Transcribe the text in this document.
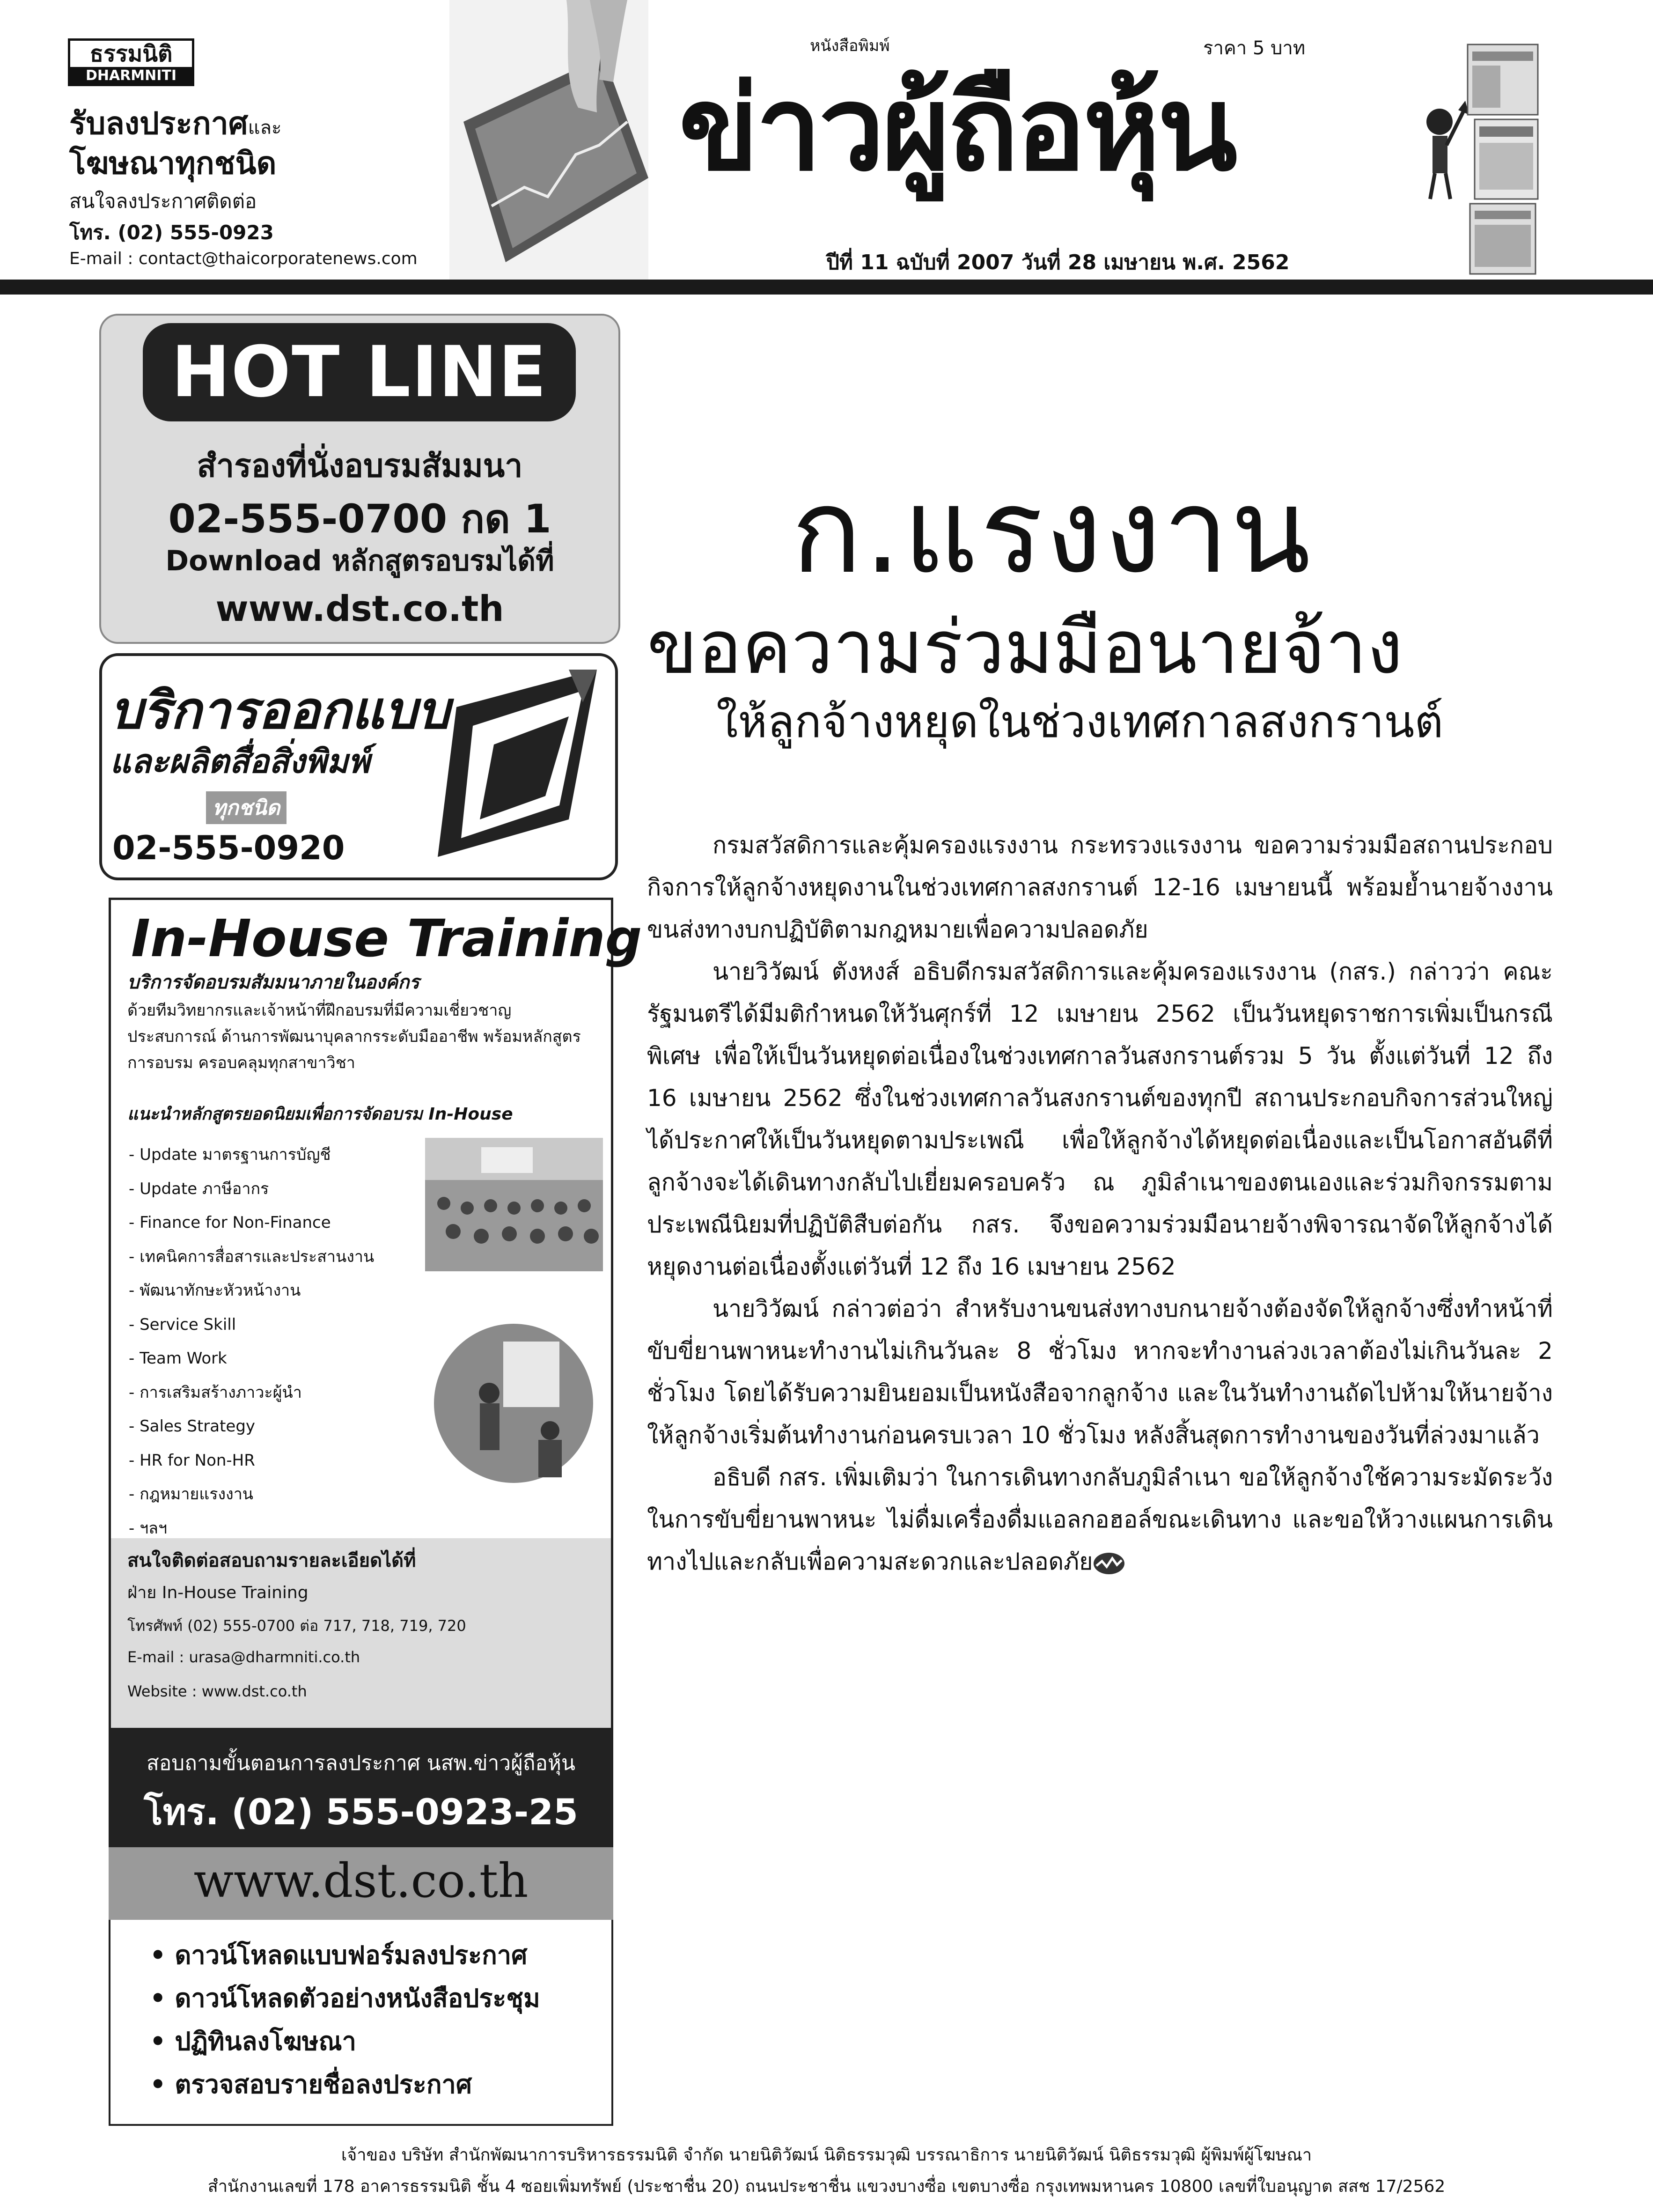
ธรรมนิติ
DHARMNITI
รับลงประกาศและ
โฆษณาทุกชนิด
สนใจลงประกาศติดต่อ
โทร. (02) 555-0923
E-mail : contact@thaicorporatenews.com
หนังสือพิมพ์	ราคา 5 บาท
ข่าวผู้ถือหุ้น
ปีที่ 11 ฉบับที่ 2007 วันที่ 28 เมษายน พ.ศ. 2562
HOT LINE
สำรองที่นั่งอบรมสัมมนา
02-555-0700 กด 1
Download หลักสูตรอบรมได้ที่
www.dst.co.th
บริการออกแบบ
และผลิตสื่อสิ่งพิมพ์
ทุกชนิด
02-555-0920
In-House Training
บริการจัดอบรมสัมมนาภายในองค์กร
ด้วยทีมวิทยากรและเจ้าหน้าที่ฝึกอบรมที่มีความเชี่ยวชาญประสบการณ์ ด้านการพัฒนาบุคลากรระดับมืออาชีพ พร้อมหลักสูตรการอบรม ครอบคลุมทุกสาขาวิชา
แนะนำหลักสูตรยอดนิยมเพื่อการจัดอบรม In-House
- Update มาตรฐานการบัญชี
- Update ภาษีอากร
- Finance for Non-Finance
- เทคนิคการสื่อสารและประสานงาน
- พัฒนาทักษะหัวหน้างาน
- Service Skill
- Team Work
- การเสริมสร้างภาวะผู้นำ
- Sales Strategy
- HR for Non-HR
- กฎหมายแรงงาน
- ฯลฯ
สนใจติดต่อสอบถามรายละเอียดได้ที่
ฝ่าย In-House Training
โทรศัพท์ (02) 555-0700 ต่อ 717, 718, 719, 720
E-mail : urasa@dharmniti.co.th
Website : www.dst.co.th
สอบถามขั้นตอนการลงประกาศ นสพ.ข่าวผู้ถือหุ้น
โทร. (02) 555-0923-25
www.dst.co.th
• ดาวน์โหลดแบบฟอร์มลงประกาศ
• ดาวน์โหลดตัวอย่างหนังสือประชุม
• ปฏิทินลงโฆษณา
• ตรวจสอบรายชื่อลงประกาศ
ก.แรงงาน
ขอความร่วมมือนายจ้าง
ให้ลูกจ้างหยุดในช่วงเทศกาลสงกรานต์

กรมสวัสดิการและคุ้มครองแรงงาน กระทรวงแรงงาน ขอความร่วมมือสถานประกอบกิจการให้ลูกจ้างหยุดงานในช่วงเทศกาลสงกรานต์ 12-16 เมษายนนี้ พร้อมย้ำนายจ้างงานขนส่งทางบกปฏิบัติตามกฎหมายเพื่อความปลอดภัย

นายวิวัฒน์ ตังหงส์ อธิบดีกรมสวัสดิการและคุ้มครองแรงงาน (กสร.) กล่าวว่า คณะรัฐมนตรีได้มีมติกำหนดให้วันศุกร์ที่ 12 เมษายน 2562 เป็นวันหยุดราชการเพิ่มเป็นกรณีพิเศษ เพื่อให้เป็นวันหยุดต่อเนื่องในช่วงเทศกาลวันสงกรานต์รวม 5 วัน ตั้งแต่วันที่ 12 ถึง 16 เมษายน 2562 ซึ่งในช่วงเทศกาลวันสงกรานต์ของทุกปี สถานประกอบกิจการส่วนใหญ่ได้ประกาศให้เป็นวันหยุดตามประเพณี เพื่อให้ลูกจ้างได้หยุดต่อเนื่องและเป็นโอกาสอันดีที่ลูกจ้างจะได้เดินทางกลับไปเยี่ยมครอบครัว ณ ภูมิลำเนาของตนเองและร่วมกิจกรรมตามประเพณีนิยมที่ปฏิบัติสืบต่อกัน กสร. จึงขอความร่วมมือนายจ้างพิจารณาจัดให้ลูกจ้างได้หยุดงานต่อเนื่องตั้งแต่วันที่ 12 ถึง 16 เมษายน 2562

นายวิวัฒน์ กล่าวต่อว่า สำหรับงานขนส่งทางบกนายจ้างต้องจัดให้ลูกจ้างซึ่งทำหน้าที่ขับขี่ยานพาหนะทำงานไม่เกินวันละ 8 ชั่วโมง หากจะทำงานล่วงเวลาต้องไม่เกินวันละ 2 ชั่วโมง โดยได้รับความยินยอมเป็นหนังสือจากลูกจ้าง และในวันทำงานถัดไปห้ามให้นายจ้างให้ลูกจ้างเริ่มต้นทำงานก่อนครบเวลา 10 ชั่วโมง หลังสิ้นสุดการทำงานของวันที่ล่วงมาแล้ว

อธิบดี กสร. เพิ่มเติมว่า ในการเดินทางกลับภูมิลำเนา ขอให้ลูกจ้างใช้ความระมัดระวังในการขับขี่ยานพาหนะ ไม่ดื่มเครื่องดื่มแอลกอฮอล์ขณะเดินทาง และขอให้วางแผนการเดินทางไปและกลับเพื่อความสะดวกและปลอดภัย

เจ้าของ บริษัท สำนักพัฒนาการบริหารธรรมนิติ จำกัด นายนิติวัฒน์ นิติธรรมวุฒิ บรรณาธิการ นายนิติวัฒน์ นิติธรรมวุฒิ ผู้พิมพ์ผู้โฆษณา
สำนักงานเลขที่ 178 อาคารธรรมนิติ ชั้น 4 ซอยเพิ่มทรัพย์ (ประชาชื่น 20) ถนนประชาชื่น แขวงบางซื่อ เขตบางซื่อ กรุงเทพมหานคร 10800 เลขที่ใบอนุญาต สสช 17/2562
